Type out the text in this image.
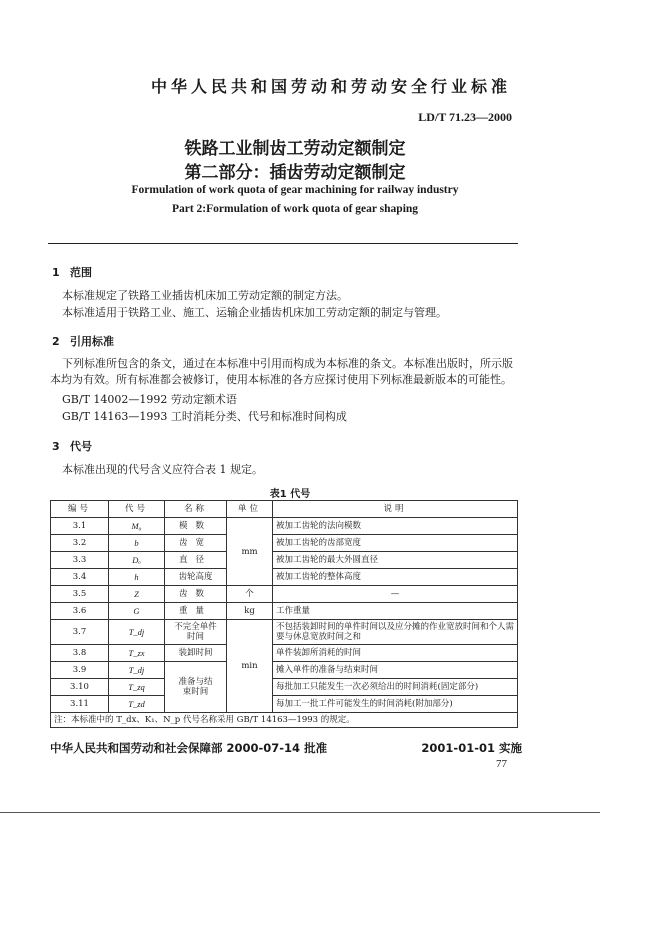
中华人民共和国劳动和劳动安全行业标准
LD/T 71.23—2000
铁路工业制齿工劳动定额制定
第二部分：插齿劳动定额制定
Formulation of work quota of gear machining for railway industry
Part 2:Formulation of work quota of gear shaping
1 范围
本标准规定了铁路工业插齿机床加工劳动定额的制定方法。
本标准适用于铁路工业、施工、运输企业插齿机床加工劳动定额的制定与管理。
2 引用标准
下列标准所包含的条文，通过在本标准中引用而构成为本标准的条文。本标准出版时，所示版本均为有效。所有标准都会被修订，使用本标准的各方应探讨使用下列标准最新版本的可能性。
GB/T 14002—1992 劳动定额术语
GB/T 14163—1993 工时消耗分类、代号和标准时间构成
3 代号
本标准出现的代号含义应符合表 1 规定。
表1 代号
编号	代号	名称	单位	说明
3.1	M₀	模数	mm	被加工齿轮的法向模数
3.2	b	齿宽		被加工齿轮的齿部宽度
3.3	Dₐ	直径		被加工齿轮的最大外圆直径
3.4	h	齿轮高度		被加工齿轮的整体高度
3.5	Z	齿数	个	—
3.6	G	重量	kg	工作重量
3.7	T_dj	不完全单件时间	min	不包括装卸时间的单件时间以及应分摊的作业宽放时间和个人需要与休息宽放时间之和
3.8	T_zx	装卸时间		单件装卸所消耗的时间
3.9	T_dj	准备与结束时间		摊入单件的准备与结束时间
3.10	T_zq			每批加工只能发生一次必须给出的时间消耗(固定部分)
3.11	T_zd			每加工一批工件可能发生的时间消耗(附加部分)
注：本标准中的 T_dx、K₁、N_p 代号名称采用 GB/T 14163—1993 的规定。				
中华人民共和国劳动和社会保障部 2000-07-14 批准	2001-01-01 实施
77
